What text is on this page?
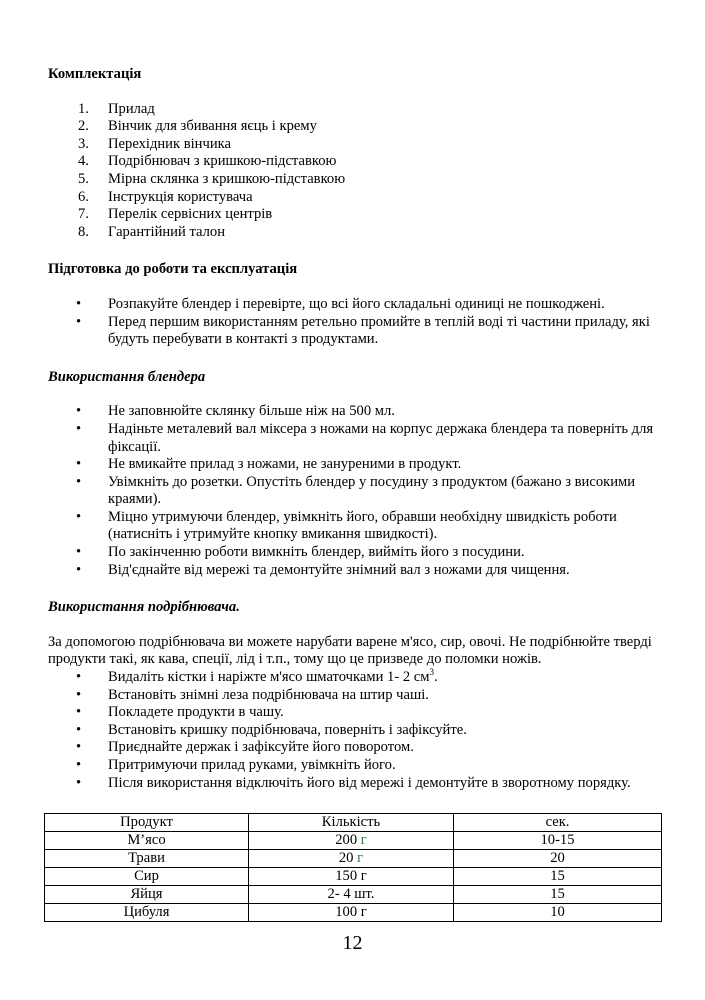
Комплектація
1. Прилад
2. Вінчик для збивання яєць і крему
3. Перехідник вінчика
4. Подрібнювач з кришкою-підставкою
5. Мірна склянка з кришкою-підставкою
6. Інструкція користувача
7. Перелік сервісних центрів
8. Гарантійний талон
Підготовка до роботи та експлуатація
• Розпакуйте блендер і перевірте, що всі його складальні одиниці не пошкоджені.
• Перед першим використанням ретельно промийте в теплій воді ті частини приладу, які будуть перебувати в контакті з продуктами.
Використання блендера
• Не заповнюйте склянку більше ніж на 500 мл.
• Надіньте металевий вал міксера з ножами на корпус держака блендера та поверніть для фіксації.
• Не вмикайте прилад з ножами, не зануреними в продукт.
• Увімкніть до розетки. Опустіть блендер у посудину з продуктом (бажано з високими краями).
• Міцно утримуючи блендер, увімкніть його, обравши необхідну швидкість роботи (натисніть і утримуйте кнопку вмикання швидкості).
• По закінченню роботи вимкніть блендер, вийміть його з посудини.
• Від'єднайте від мережі та демонтуйте знімний вал з ножами для чищення.
Використання подрібнювача.

За допомогою подрібнювача ви можете нарубати варене м'ясо, сир, овочі. Не подрібнюйте тверді продукти такі, як кава, спеції, лід і т.п., тому що це призведе до поломки ножів.

• Видаліть кістки і наріжте м'ясо шматочками 1- 2 $см^3$.
• Встановіть знімні леза подрібнювача на штир чаші.
• Покладете продукти в чашу.
• Встановіть кришку подрібнювача, поверніть і зафіксуйте.
• Приєднайте держак і зафіксуйте його поворотом.
• Притримуючи прилад руками, увімкніть його.
• Після використання відключіть його від мережі і демонтуйте в зворотному порядку.
Продукт	Кількість	сек.
М’ясо	200 г	10-15
Трави	20 г	20
Сир	150 г	15
Яйця	2- 4 шт.	15
Цибуля	100 г	10
12
